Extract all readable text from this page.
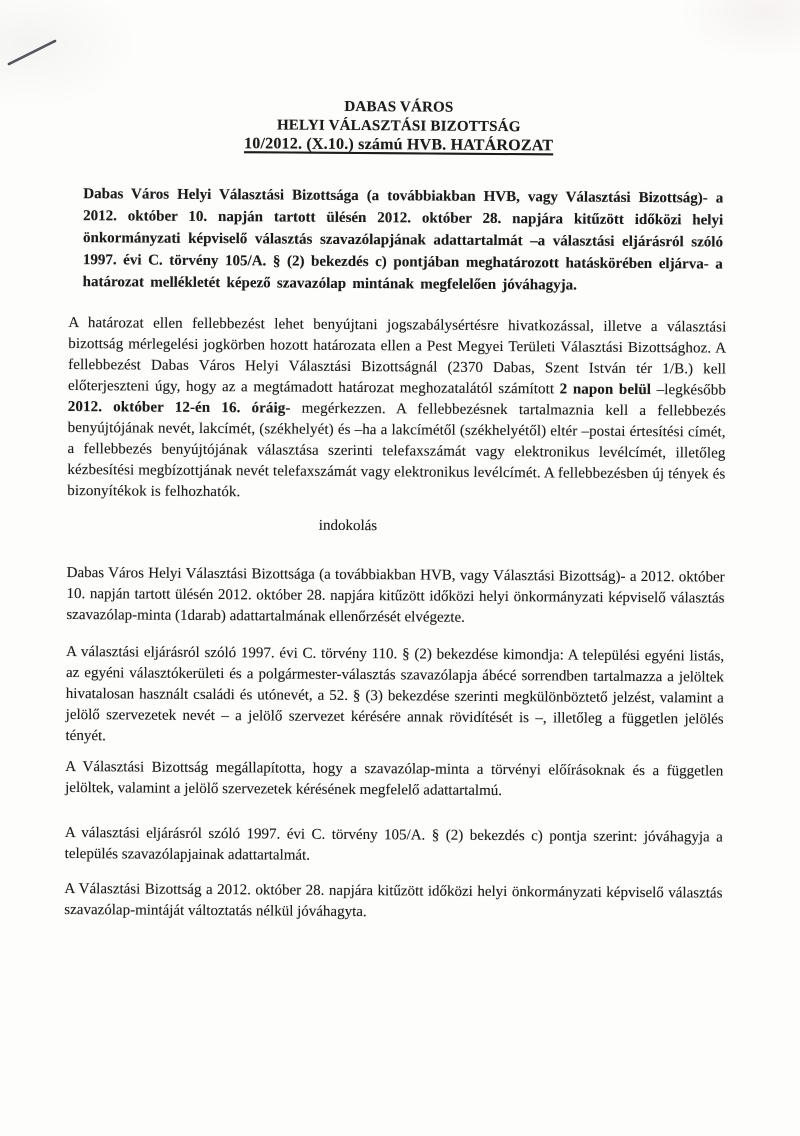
DABAS VÁROS
HELYI VÁLASZTÁSI BIZOTTSÁG
10/2012. (X.10.) számú HVB. HATÁROZAT

Dabas Város Helyi Választási Bizottsága (a továbbiakban HVB, vagy Választási Bizottság)- a 2012. október 10. napján tartott ülésén 2012. október 28. napjára kitűzött időközi helyi önkormányzati képviselő választás szavazólapjának adattartalmát –a választási eljárásról szóló 1997. évi C. törvény 105/A. § (2) bekezdés c) pontjában meghatározott hatáskörében eljárva- a határozat mellékletét képező szavazólap mintának megfelelően jóváhagyja.

A határozat ellen fellebbezést lehet benyújtani jogszabálysértésre hivatkozással, illetve a választási bizottság mérlegelési jogkörben hozott határozata ellen a Pest Megyei Területi Választási Bizottsághoz. A fellebbezést Dabas Város Helyi Választási Bizottságnál (2370 Dabas, Szent István tér 1/B.) kell előterjeszteni úgy, hogy az a megtámadott határozat meghozatalától számított 2 napon belül –legkésőbb 2012. október 12-én 16. óráig- megérkezzen. A fellebbezésnek tartalmaznia kell a fellebbezés benyújtójának nevét, lakcímét, (székhelyét) és –ha a lakcímétől (székhelyétől) eltér –postai értesítési címét, a fellebbezés benyújtójának választása szerinti telefaxszámát vagy elektronikus levélcímét, illetőleg kézbesítési megbízottjának nevét telefaxszámát vagy elektronikus levélcímét. A fellebbezésben új tények és bizonyítékok is felhozhatók.

indokolás

Dabas Város Helyi Választási Bizottsága (a továbbiakban HVB, vagy Választási Bizottság)- a 2012. október 10. napján tartott ülésén 2012. október 28. napjára kitűzött időközi helyi önkormányzati képviselő választás szavazólap-minta (1darab) adattartalmának ellenőrzését elvégezte.

A választási eljárásról szóló 1997. évi C. törvény 110. § (2) bekezdése kimondja: A települési egyéni listás, az egyéni választókerületi és a polgármester-választás szavazólapja ábécé sorrendben tartalmazza a jelöltek hivatalosan használt családi és utónevét, a 52. § (3) bekezdése szerinti megkülönböztető jelzést, valamint a jelölő szervezetek nevét – a jelölő szervezet kérésére annak rövidítését is –, illetőleg a független jelölés tényét.

A Választási Bizottság megállapította, hogy a szavazólap-minta a törvényi előírásoknak és a független jelöltek, valamint a jelölő szervezetek kérésének megfelelő adattartalmú.

A választási eljárásról szóló 1997. évi C. törvény 105/A. § (2) bekezdés c) pontja szerint: jóváhagyja a település szavazólapjainak adattartalmát.

A Választási Bizottság a 2012. október 28. napjára kitűzött időközi helyi önkormányzati képviselő választás szavazólap-mintáját változtatás nélkül jóváhagyta.
